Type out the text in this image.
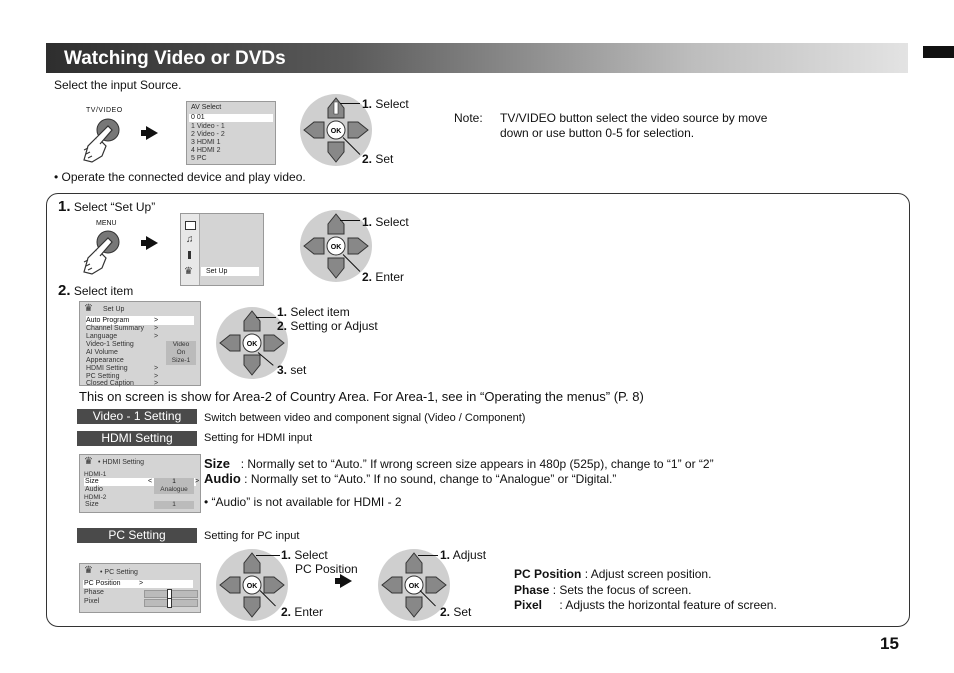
Watching Video or DVDs
Select the input Source.
TV/VIDEO	AV Select
0 01
1 Video - 1
2 Video - 2
3 HDMI 1
4 HDMI 2
5 PC
OK
1. Select
2. Set
Note: TV/VIDEO button select the video source by move
down or use button 0-5 for selection.
• Operate the connected device and play video.
1. Select “Set Up”
MENU
♫
♛	Set Up
OK
1. Select
2. Enter
2. Select item
♛ Set Up
Auto Program	>
Channel Summary >
Language	>
Video-1 Setting	Video
AI Volume	On
Appearance	Size-1
HDMI Setting	>
PC Setting	>
Closed Caption	>
OK
1. Select item
2. Setting or Adjust
3. set
This on screen is show for Area-2 of Country Area. For Area-1, see in “Operating the menus” (P. 8)
Video - 1 Setting	Switch between video and component signal (Video / Component)
HDMI Setting	Setting for HDMI input
♛ • HDMI Setting
HDMI-1
Size	<	1	>
Audio	Analogue
HDMI-2
Size	1
Size : Normally set to “Auto.” If wrong screen size appears in 480p (525p), change to “1” or “2”
Audio : Normally set to “Auto.” If no sound, change to “Analogue” or “Digital.”
• “Audio” is not available for HDMI - 2
PC Setting	Setting for PC input
♛ • PC Setting
PC Position	>
Phase
Pixel
OK
1. Select
PC Position
2. Enter
OK
1. Adjust
2. Set
PC Position : Adjust screen position.
Phase : Sets the focus of screen.
Pixel : Adjusts the horizontal feature of screen.
15
